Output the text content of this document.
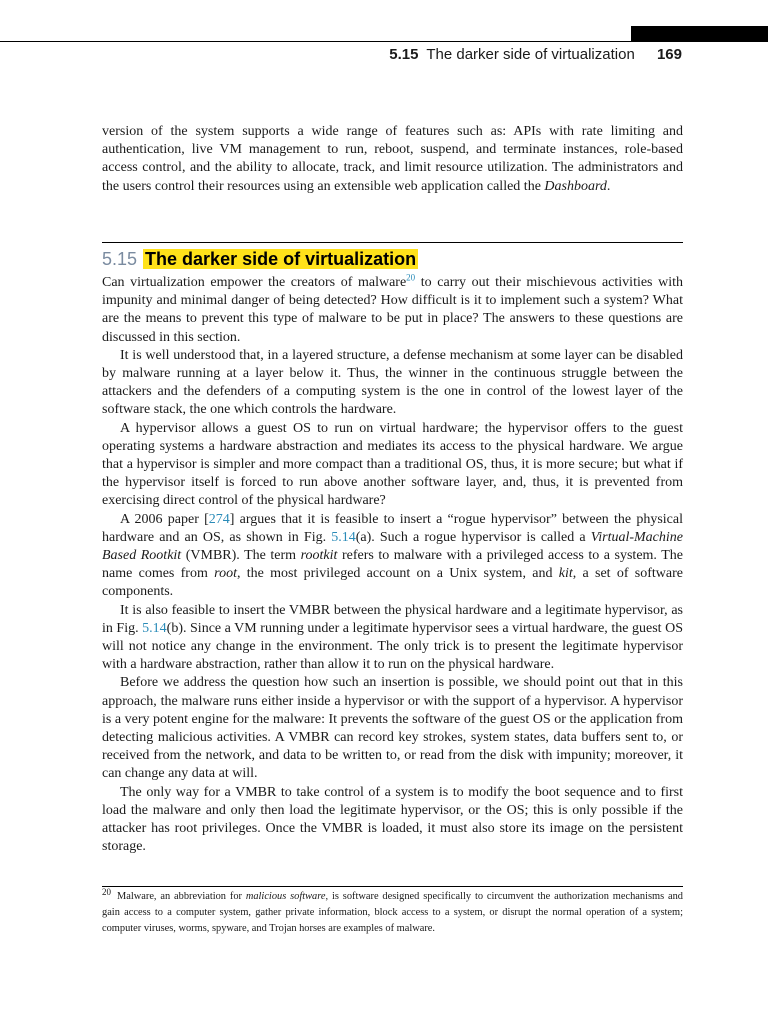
5.15 The darker side of virtualization 169

version of the system supports a wide range of features such as: APIs with rate limiting and authentication, live VM management to run, reboot, suspend, and terminate instances, role-based access control, and the ability to allocate, track, and limit resource utilization. The administrators and the users control their resources using an extensible web application called the Dashboard.

5.15 The darker side of virtualization

Can virtualization empower the creators of malware$^{20}$ to carry out their mischievous activities with impunity and minimal danger of being detected? How difficult is it to implement such a system? What are the means to prevent this type of malware to be put in place? The answers to these questions are discussed in this section.

It is well understood that, in a layered structure, a defense mechanism at some layer can be disabled by malware running at a layer below it. Thus, the winner in the continuous struggle between the attackers and the defenders of a computing system is the one in control of the lowest layer of the software stack, the one which controls the hardware.

A hypervisor allows a guest OS to run on virtual hardware; the hypervisor offers to the guest operating systems a hardware abstraction and mediates its access to the physical hardware. We argue that a hypervisor is simpler and more compact than a traditional OS, thus, it is more secure; but what if the hypervisor itself is forced to run above another software layer, and, thus, it is prevented from exercising direct control of the physical hardware?

A 2006 paper [274] argues that it is feasible to insert a “rogue hypervisor” between the physical hardware and an OS, as shown in Fig. 5.14(a). Such a rogue hypervisor is called a Virtual-Machine Based Rootkit (VMBR). The term rootkit refers to malware with a privileged access to a system. The name comes from root, the most privileged account on a Unix system, and kit, a set of software components.

It is also feasible to insert the VMBR between the physical hardware and a legitimate hypervisor, as in Fig. 5.14(b). Since a VM running under a legitimate hypervisor sees a virtual hardware, the guest OS will not notice any change in the environment. The only trick is to present the legitimate hypervisor with a hardware abstraction, rather than allow it to run on the physical hardware.

Before we address the question how such an insertion is possible, we should point out that in this approach, the malware runs either inside a hypervisor or with the support of a hypervisor. A hypervisor is a very potent engine for the malware: It prevents the software of the guest OS or the application from detecting malicious activities. A VMBR can record key strokes, system states, data buffers sent to, or received from the network, and data to be written to, or read from the disk with impunity; moreover, it can change any data at will.

The only way for a VMBR to take control of a system is to modify the boot sequence and to first load the malware and only then load the legitimate hypervisor, or the OS; this is only possible if the attacker has root privileges. Once the VMBR is loaded, it must also store its image on the persistent storage.

$^{20}$ Malware, an abbreviation for malicious software, is software designed specifically to circumvent the authorization mechanisms and gain access to a computer system, gather private information, block access to a system, or disrupt the normal operation of a system; computer viruses, worms, spyware, and Trojan horses are examples of malware.
